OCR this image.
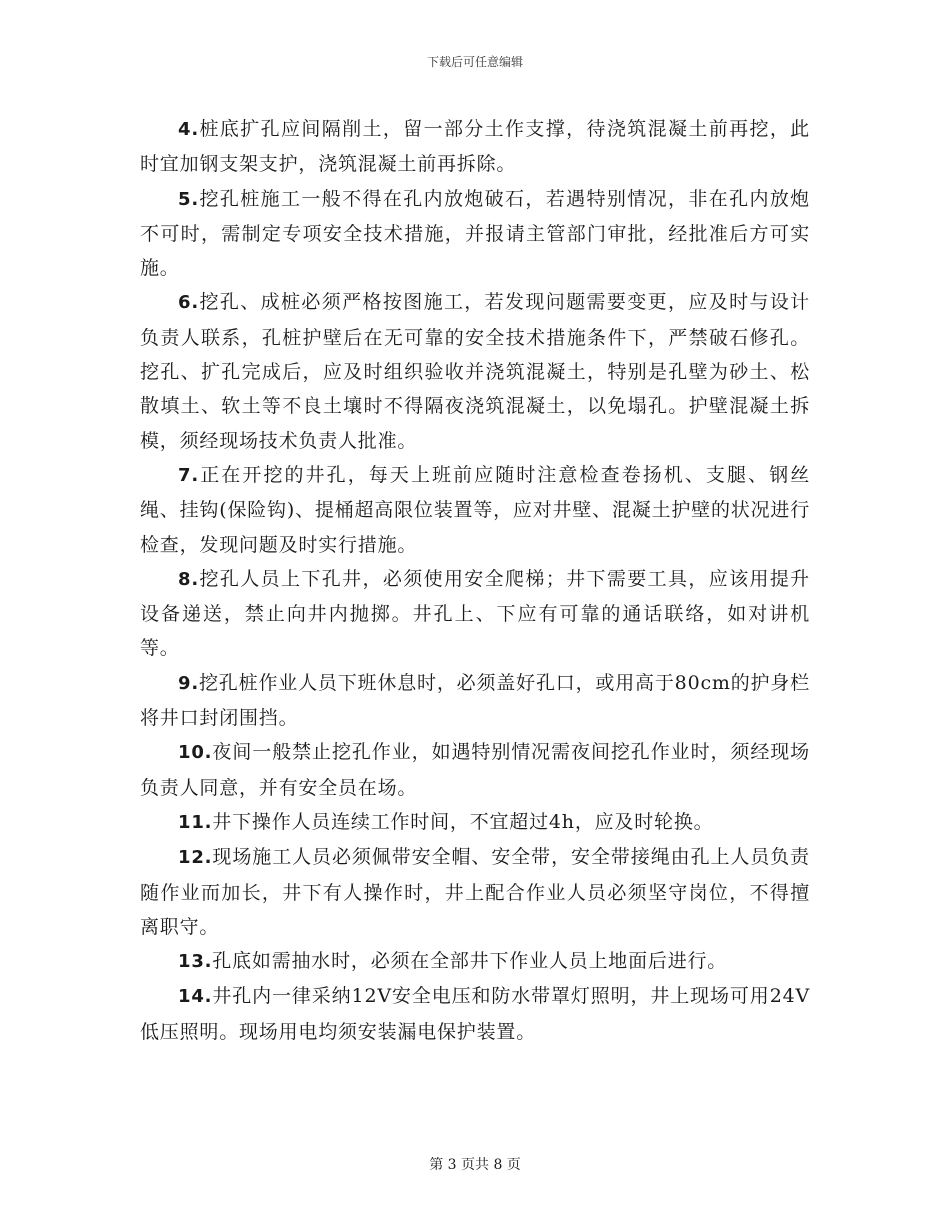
下载后可任意编辑

4.桩底扩孔应间隔削土，留一部分土作支撑，待浇筑混凝土前再挖，此时宜加钢支架支护，浇筑混凝土前再拆除。

5.挖孔桩施工一般不得在孔内放炮破石，若遇特别情况，非在孔内放炮不可时，需制定专项安全技术措施，并报请主管部门审批，经批准后方可实施。

6.挖孔、成桩必须严格按图施工，若发现问题需要变更，应及时与设计负责人联系，孔桩护壁后在无可靠的安全技术措施条件下，严禁破石修孔。挖孔、扩孔完成后，应及时组织验收并浇筑混凝土，特别是孔壁为砂土、松散填土、软土等不良土壤时不得隔夜浇筑混凝土，以免塌孔。护壁混凝土拆模，须经现场技术负责人批准。

7.正在开挖的井孔，每天上班前应随时注意检查卷扬机、支腿、钢丝绳、挂钩(保险钩)、提桶超高限位装置等，应对井壁、混凝土护壁的状况进行检查，发现问题及时实行措施。

8.挖孔人员上下孔井，必须使用安全爬梯；井下需要工具，应该用提升设备递送，禁止向井内抛掷。井孔上、下应有可靠的通话联络，如对讲机等。

9.挖孔桩作业人员下班休息时，必须盖好孔口，或用高于80cm的护身栏将井口封闭围挡。

10.夜间一般禁止挖孔作业，如遇特别情况需夜间挖孔作业时，须经现场负责人同意，并有安全员在场。

11.井下操作人员连续工作时间，不宜超过4h，应及时轮换。

12.现场施工人员必须佩带安全帽、安全带，安全带接绳由孔上人员负责随作业而加长，井下有人操作时，井上配合作业人员必须坚守岗位，不得擅离职守。

13.孔底如需抽水时，必须在全部井下作业人员上地面后进行。

14.井孔内一律采纳12V安全电压和防水带罩灯照明，井上现场可用24V低压照明。现场用电均须安装漏电保护装置。

第 3 页共 8 页
